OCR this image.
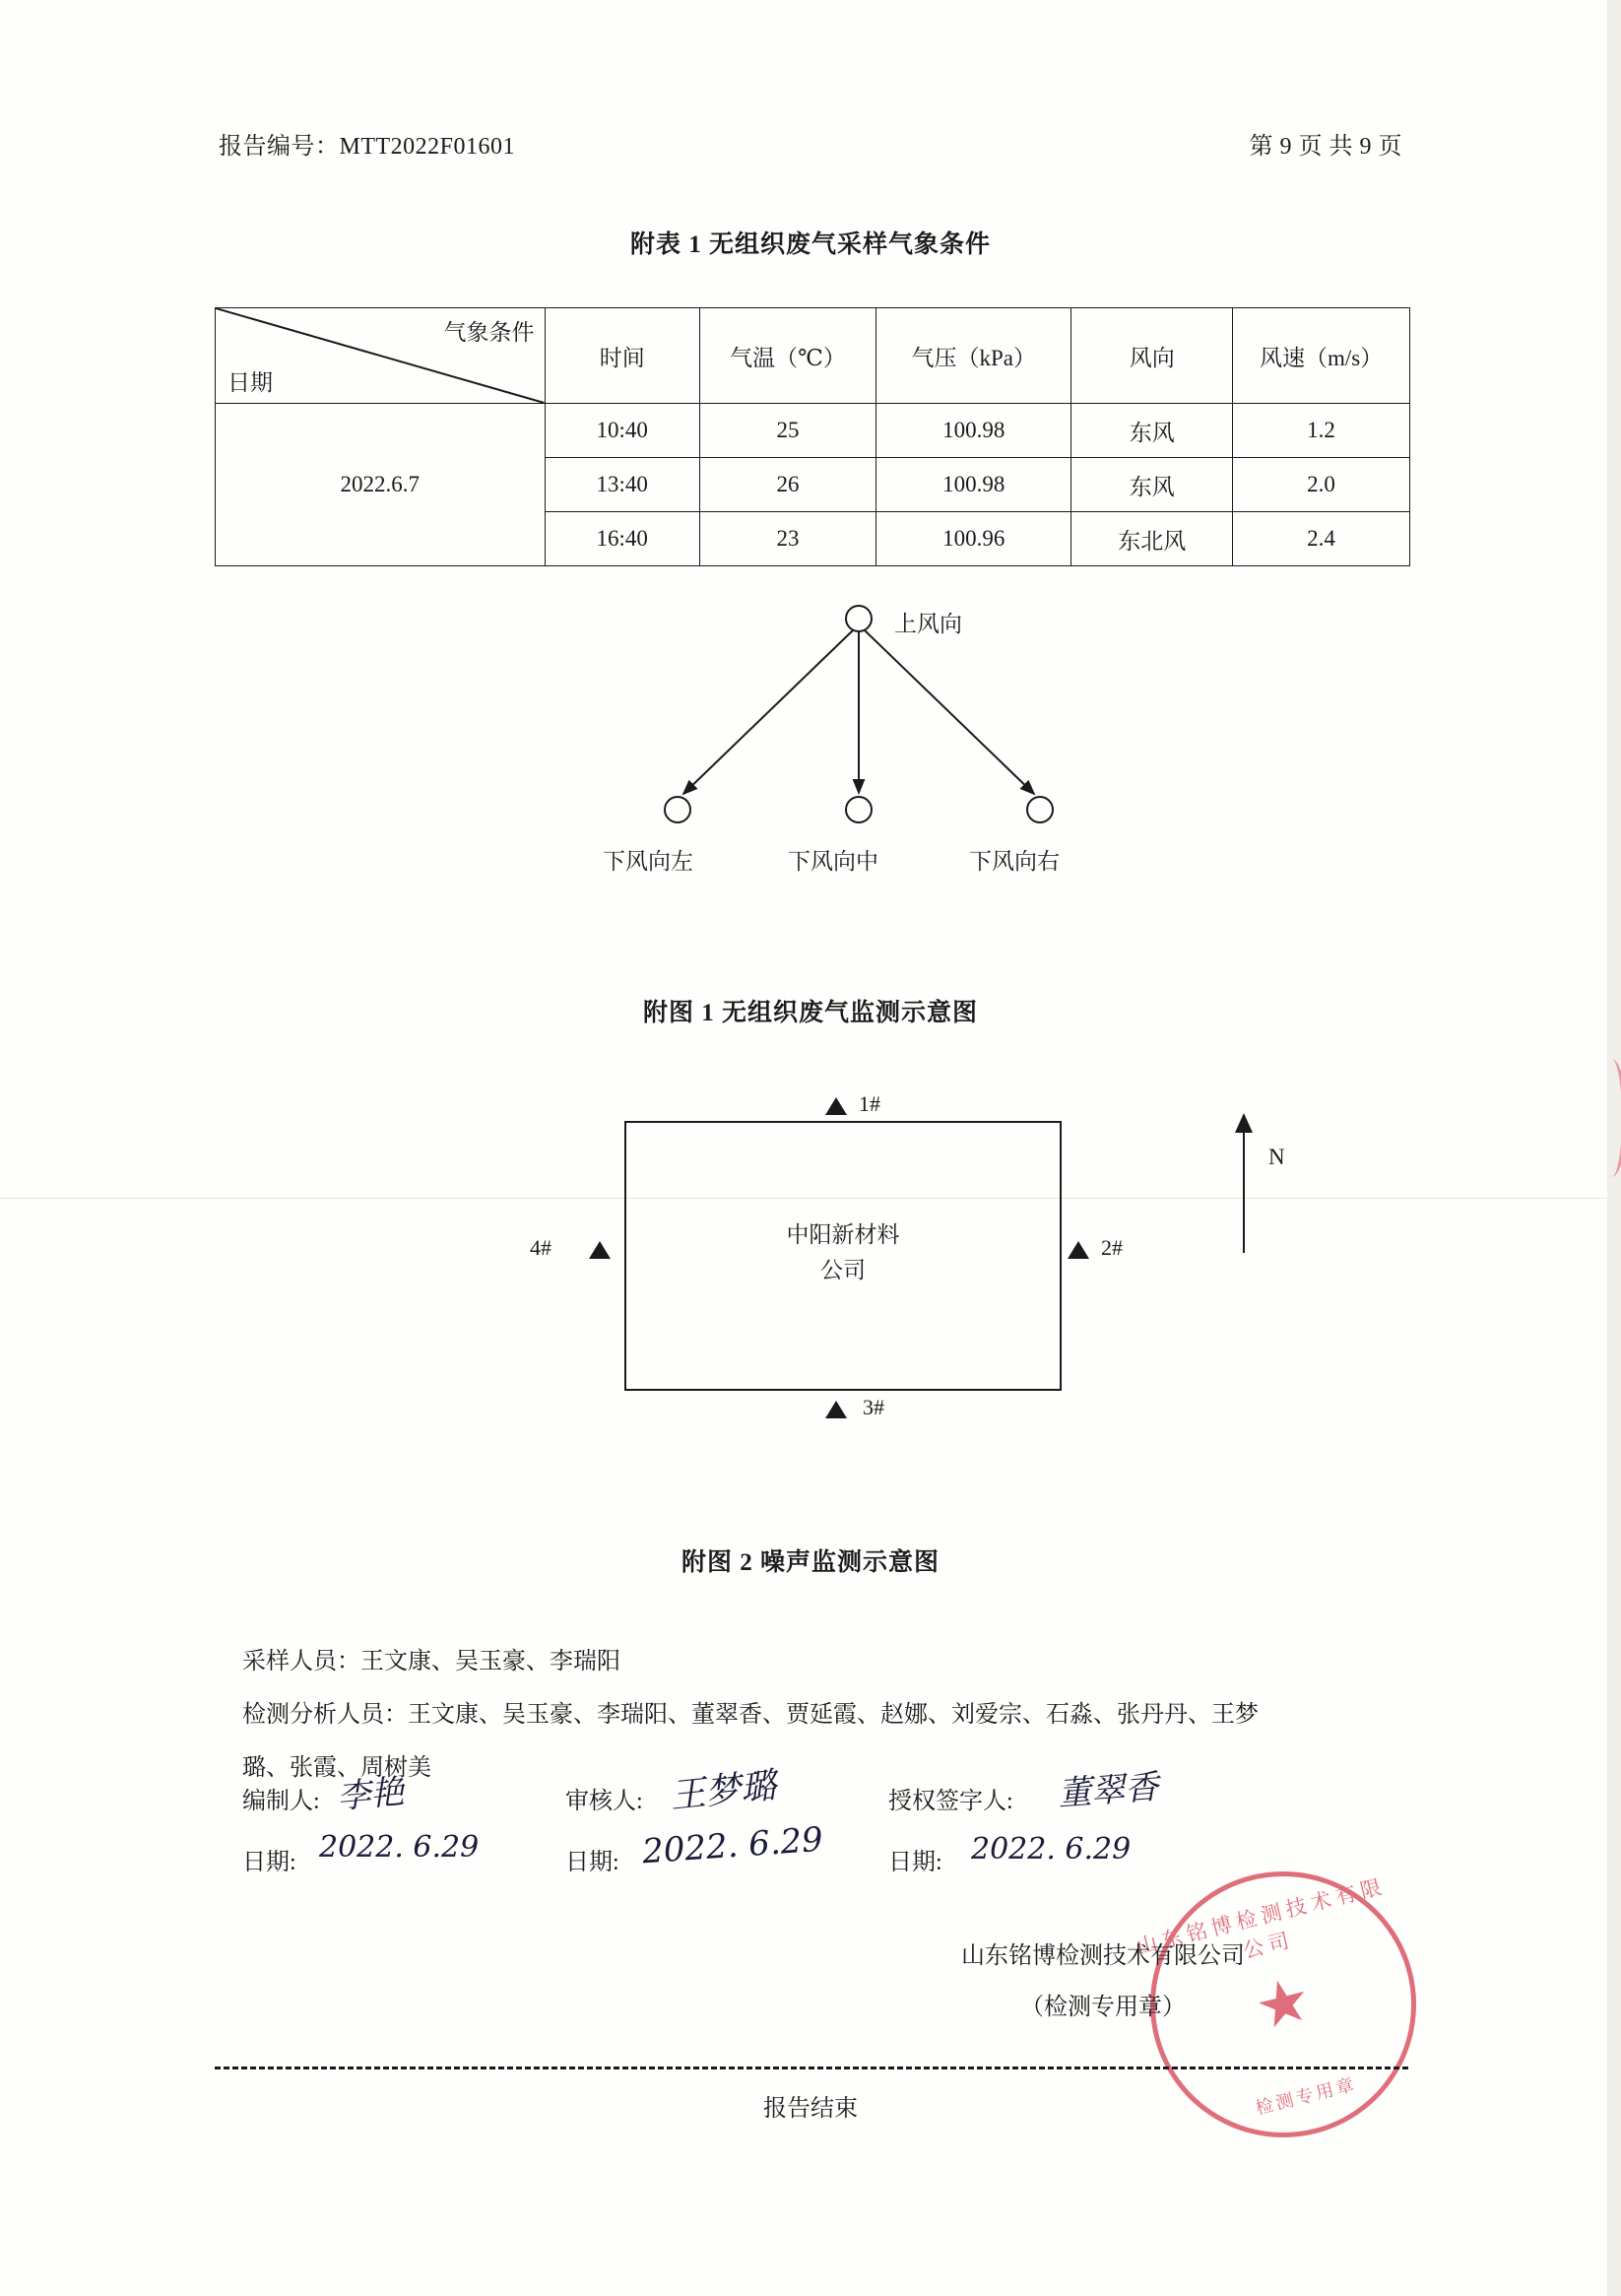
报告编号：MTT2022F01601	第 9 页 共 9 页
附表 1 无组织废气采样气象条件
气象条件
日期	时间	气温（℃）	气压（kPa）	风向	风速（m/s）
2022.6.7	10:40	25	100.98	东风	1.2
	13:40	26	100.98	东风	2.0
	16:40	23	100.96	东北风	2.4
上风向
下风向左	下风向中	下风向右
附图 1 无组织废气监测示意图
中阳新材料
公司
1#
2#
3#
4#
N
附图 2 噪声监测示意图
采样人员：王文康、吴玉豪、李瑞阳
检测分析人员：王文康、吴玉豪、李瑞阳、董翠香、贾延霞、赵娜、刘爱宗、石淼、张丹丹、王梦
璐、张霞、周树美
编制人: 李艳
日期: 2022. 6.29
审核人: 王梦璐
日期: 2022. 6.29
授权签字人: 董翠香
日期: 2022. 6.29
山东铭博检测技术有限公司
★
检测专用章
山东铭博检测技术有限公司
（检测专用章）
报告结束
